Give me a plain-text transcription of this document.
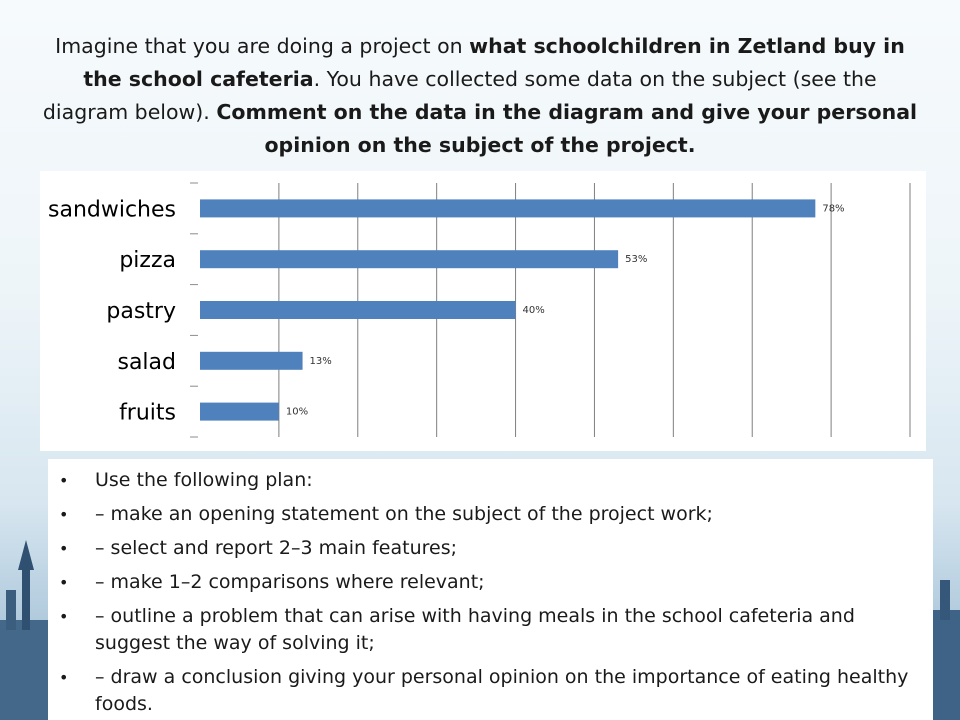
Imagine that you are doing a project on what schoolchildren in Zetland buy in the school cafeteria. You have collected some data on the subject (see the diagram below). Comment on the data in the diagram and give your personal opinion on the subject of the project.
sandwiches	78%
pizza	53%
pastry	40%
salad	13%
fruits	10%
• Use the following plan:
• – make an opening statement on the subject of the project work;
• – select and report 2–3 main features;
• – make 1–2 comparisons where relevant;
• – outline a problem that can arise with having meals in the school cafeteria and suggest the way of solving it;
• – draw a conclusion giving your personal opinion on the importance of eating healthy foods.
